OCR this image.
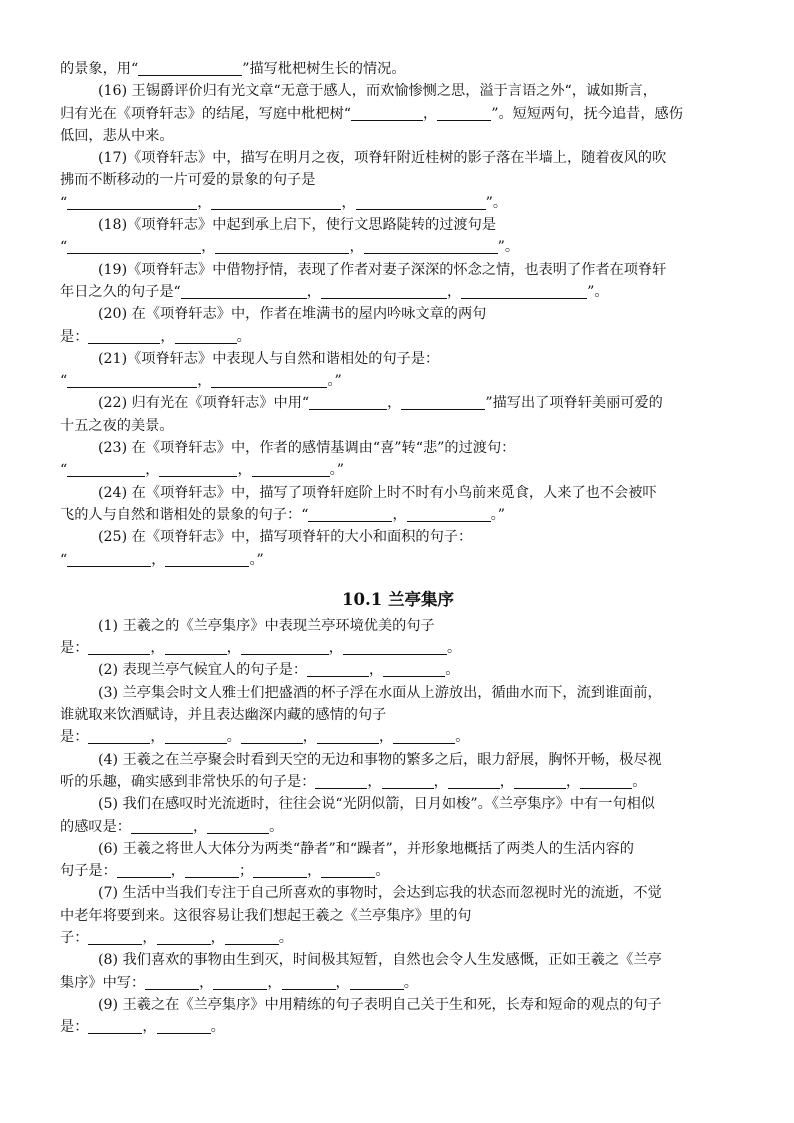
的景象，用“	”描写枇杷树生长的情况。
(16) 王锡爵评价归有光文章“无意于感人，而欢愉惨恻之思，溢于言语之外“，诚如斯言，
归有光在《项脊轩志》的结尾，写庭中枇杷树“	，	”。短短两句，抚今追昔，感伤
低回，悲从中来。
(17)《项脊轩志》中，描写在明月之夜，项脊轩附近桂树的影子落在半墙上，随着夜风的吹
拂而不断移动的一片可爱的景象的句子是
“	，	，	”。
(18)《项脊轩志》中起到承上启下，使行文思路陡转的过渡句是
“	，	，	”。
(19)《项脊轩志》中借物抒情，表现了作者对妻子深深的怀念之情，也表明了作者在项脊轩
年日之久的句子是“	，	，	”。
(20) 在《项脊轩志》中，作者在堆满书的屋内吟咏文章的两句
是：	，	。
(21)《项脊轩志》中表现人与自然和谐相处的句子是：
“	，	。”
(22) 归有光在《项脊轩志》中用“	，	”描写出了项脊轩美丽可爱的
十五之夜的美景。
(23) 在《项脊轩志》中，作者的感情基调由“喜”转“悲”的过渡句：
“	，	，	。”
(24) 在《项脊轩志》中，描写了项脊轩庭阶上时不时有小鸟前来觅食，人来了也不会被吓
飞的人与自然和谐相处的景象的句子：“	，	。”
(25) 在《项脊轩志》中，描写项脊轩的大小和面积的句子：
“	，	。”
10.1 兰亭集序
(1) 王羲之的《兰亭集序》中表现兰亭环境优美的句子
是：	，	，	，	。
(2) 表现兰亭气候宜人的句子是：	，	。
(3) 兰亭集会时文人雅士们把盛酒的杯子浮在水面从上游放出，循曲水而下，流到谁面前，
谁就取来饮酒赋诗，并且表达幽深内藏的感情的句子
是：	，	。	，	，	。
(4) 王羲之在兰亭聚会时看到天空的无边和事物的繁多之后，眼力舒展，胸怀开畅，极尽视
听的乐趣，确实感到非常快乐的句子是：	，	，	，	，	。
(5) 我们在感叹时光流逝时，往往会说“光阴似箭，日月如梭”。《兰亭集序》中有一句相似
的感叹是：	，	。
(6) 王羲之将世人大体分为两类“静者”和“躁者”，并形象地概括了两类人的生活内容的
句子是：	，	；	，	。
(7) 生活中当我们专注于自己所喜欢的事物时，会达到忘我的状态而忽视时光的流逝，不觉
中老年将要到来。这很容易让我们想起王羲之《兰亭集序》里的句
子：	，	，	。
(8) 我们喜欢的事物由生到灭，时间极其短暂，自然也会令人生发感慨，正如王羲之《兰亭
集序》中写：	，	，	，	。
(9) 王羲之在《兰亭集序》中用精练的句子表明自己关于生和死，长寿和短命的观点的句子
是：	，	。
